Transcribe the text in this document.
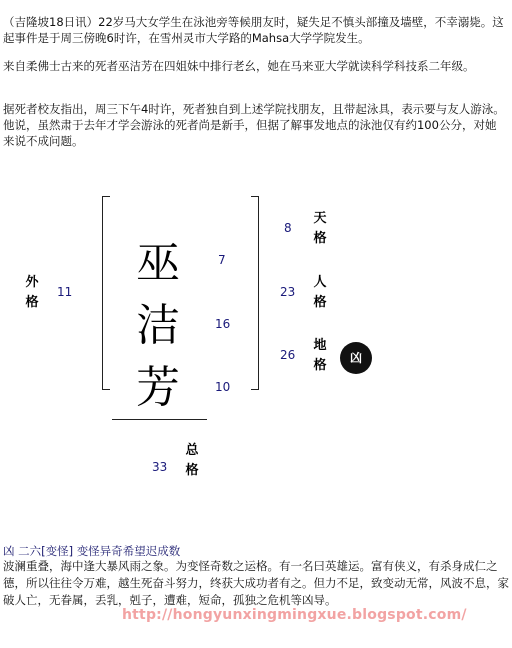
（吉隆坡18日讯）22岁马大女学生在泳池旁等候朋友时，疑失足不慎头部撞及墙壁，不幸溺毙。这起事件是于周三傍晚6时许，在雪州灵市大学路的Mahsa大学学院发生。
来自柔佛士古来的死者巫洁芳在四姐妹中排行老幺，她在马来亚大学就读科学科技系二年级。
据死者校友指出，周三下午4时许，死者独自到上述学院找朋友，且带起泳具，表示要与友人游泳。他说，虽然肃于去年才学会游泳的死者尚是新手，但据了解事发地点的泳池仅有约100公分，对她来说不成问题。
巫
洁
芳
7
16
10
外格
11
天格
8
人格
23
地格
26	凶
总格
33
凶 二六[变怪] 变怪异奇希望迟成数
波澜重叠，海中逢大暴风雨之象。为变怪奇数之运格。有一名曰英雄运。富有侠义，有杀身成仁之德，所以往往令万难，越生死奋斗努力，终获大成功者有之。但力不足，致变动无常，风波不息，家破人亡，无眷属，丢乳，剋子，遭难，短命，孤独之危机等凶导。
http://hongyunxingmingxue.blogspot.com/
